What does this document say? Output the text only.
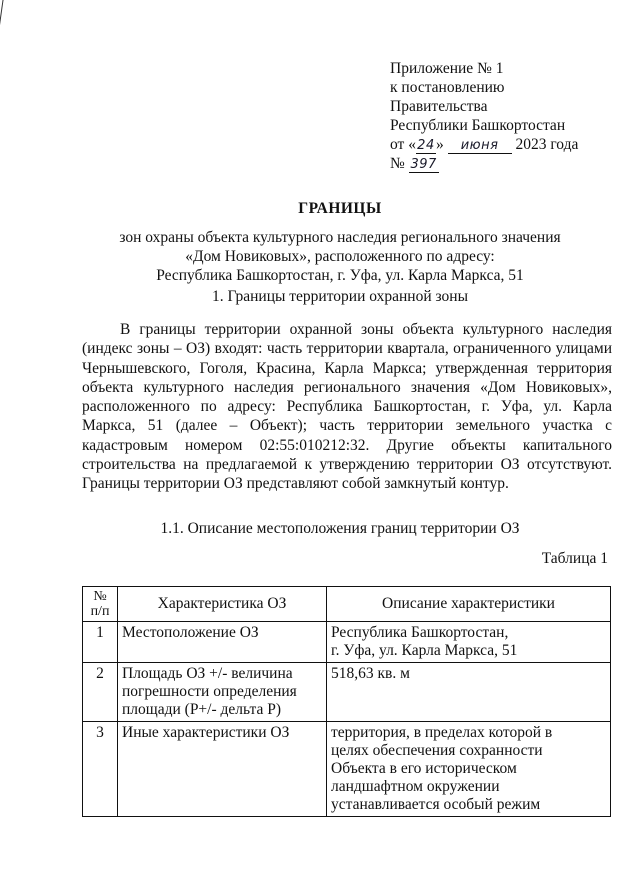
Приложение № 1
к постановлению
Правительства
Республики Башкортостан
от «24» июня 2023 года
№ 397
ГРАНИЦЫ
зон охраны объекта культурного наследия регионального значения
«Дом Новиковых», расположенного по адресу:
Республика Башкортостан, г. Уфа, ул. Карла Маркса, 51
1. Границы территории охранной зоны
В границы территории охранной зоны объекта культурного наследия (индекс зоны – ОЗ) входят: часть территории квартала, ограниченного улицами Чернышевского, Гоголя, Красина, Карла Маркса; утвержденная территория объекта культурного наследия регионального значения «Дом Новиковых», расположенного по адресу: Республика Башкортостан, г. Уфа, ул. Карла Маркса, 51 (далее – Объект); часть территории земельного участка с кадастровым номером 02:55:010212:32. Другие объекты капитального строительства на предлагаемой к утверждению территории ОЗ отсутствуют. Границы территории ОЗ представляют собой замкнутый контур.
1.1. Описание местоположения границ территории ОЗ
Таблица 1
№
п/п	Характеристика ОЗ	Описание характеристики
1	Местоположение ОЗ	Республика Башкортостан,
г. Уфа, ул. Карла Маркса, 51

2	Площадь ОЗ +/- величина
погрешности определения
площади (P+/- дельта P)	518,63 кв. м
3	Иные характеристики ОЗ	территория, в пределах которой в
целях обеспечения сохранности
Объекта в его историческом
ландшафтном окружении
устанавливается особый режим
